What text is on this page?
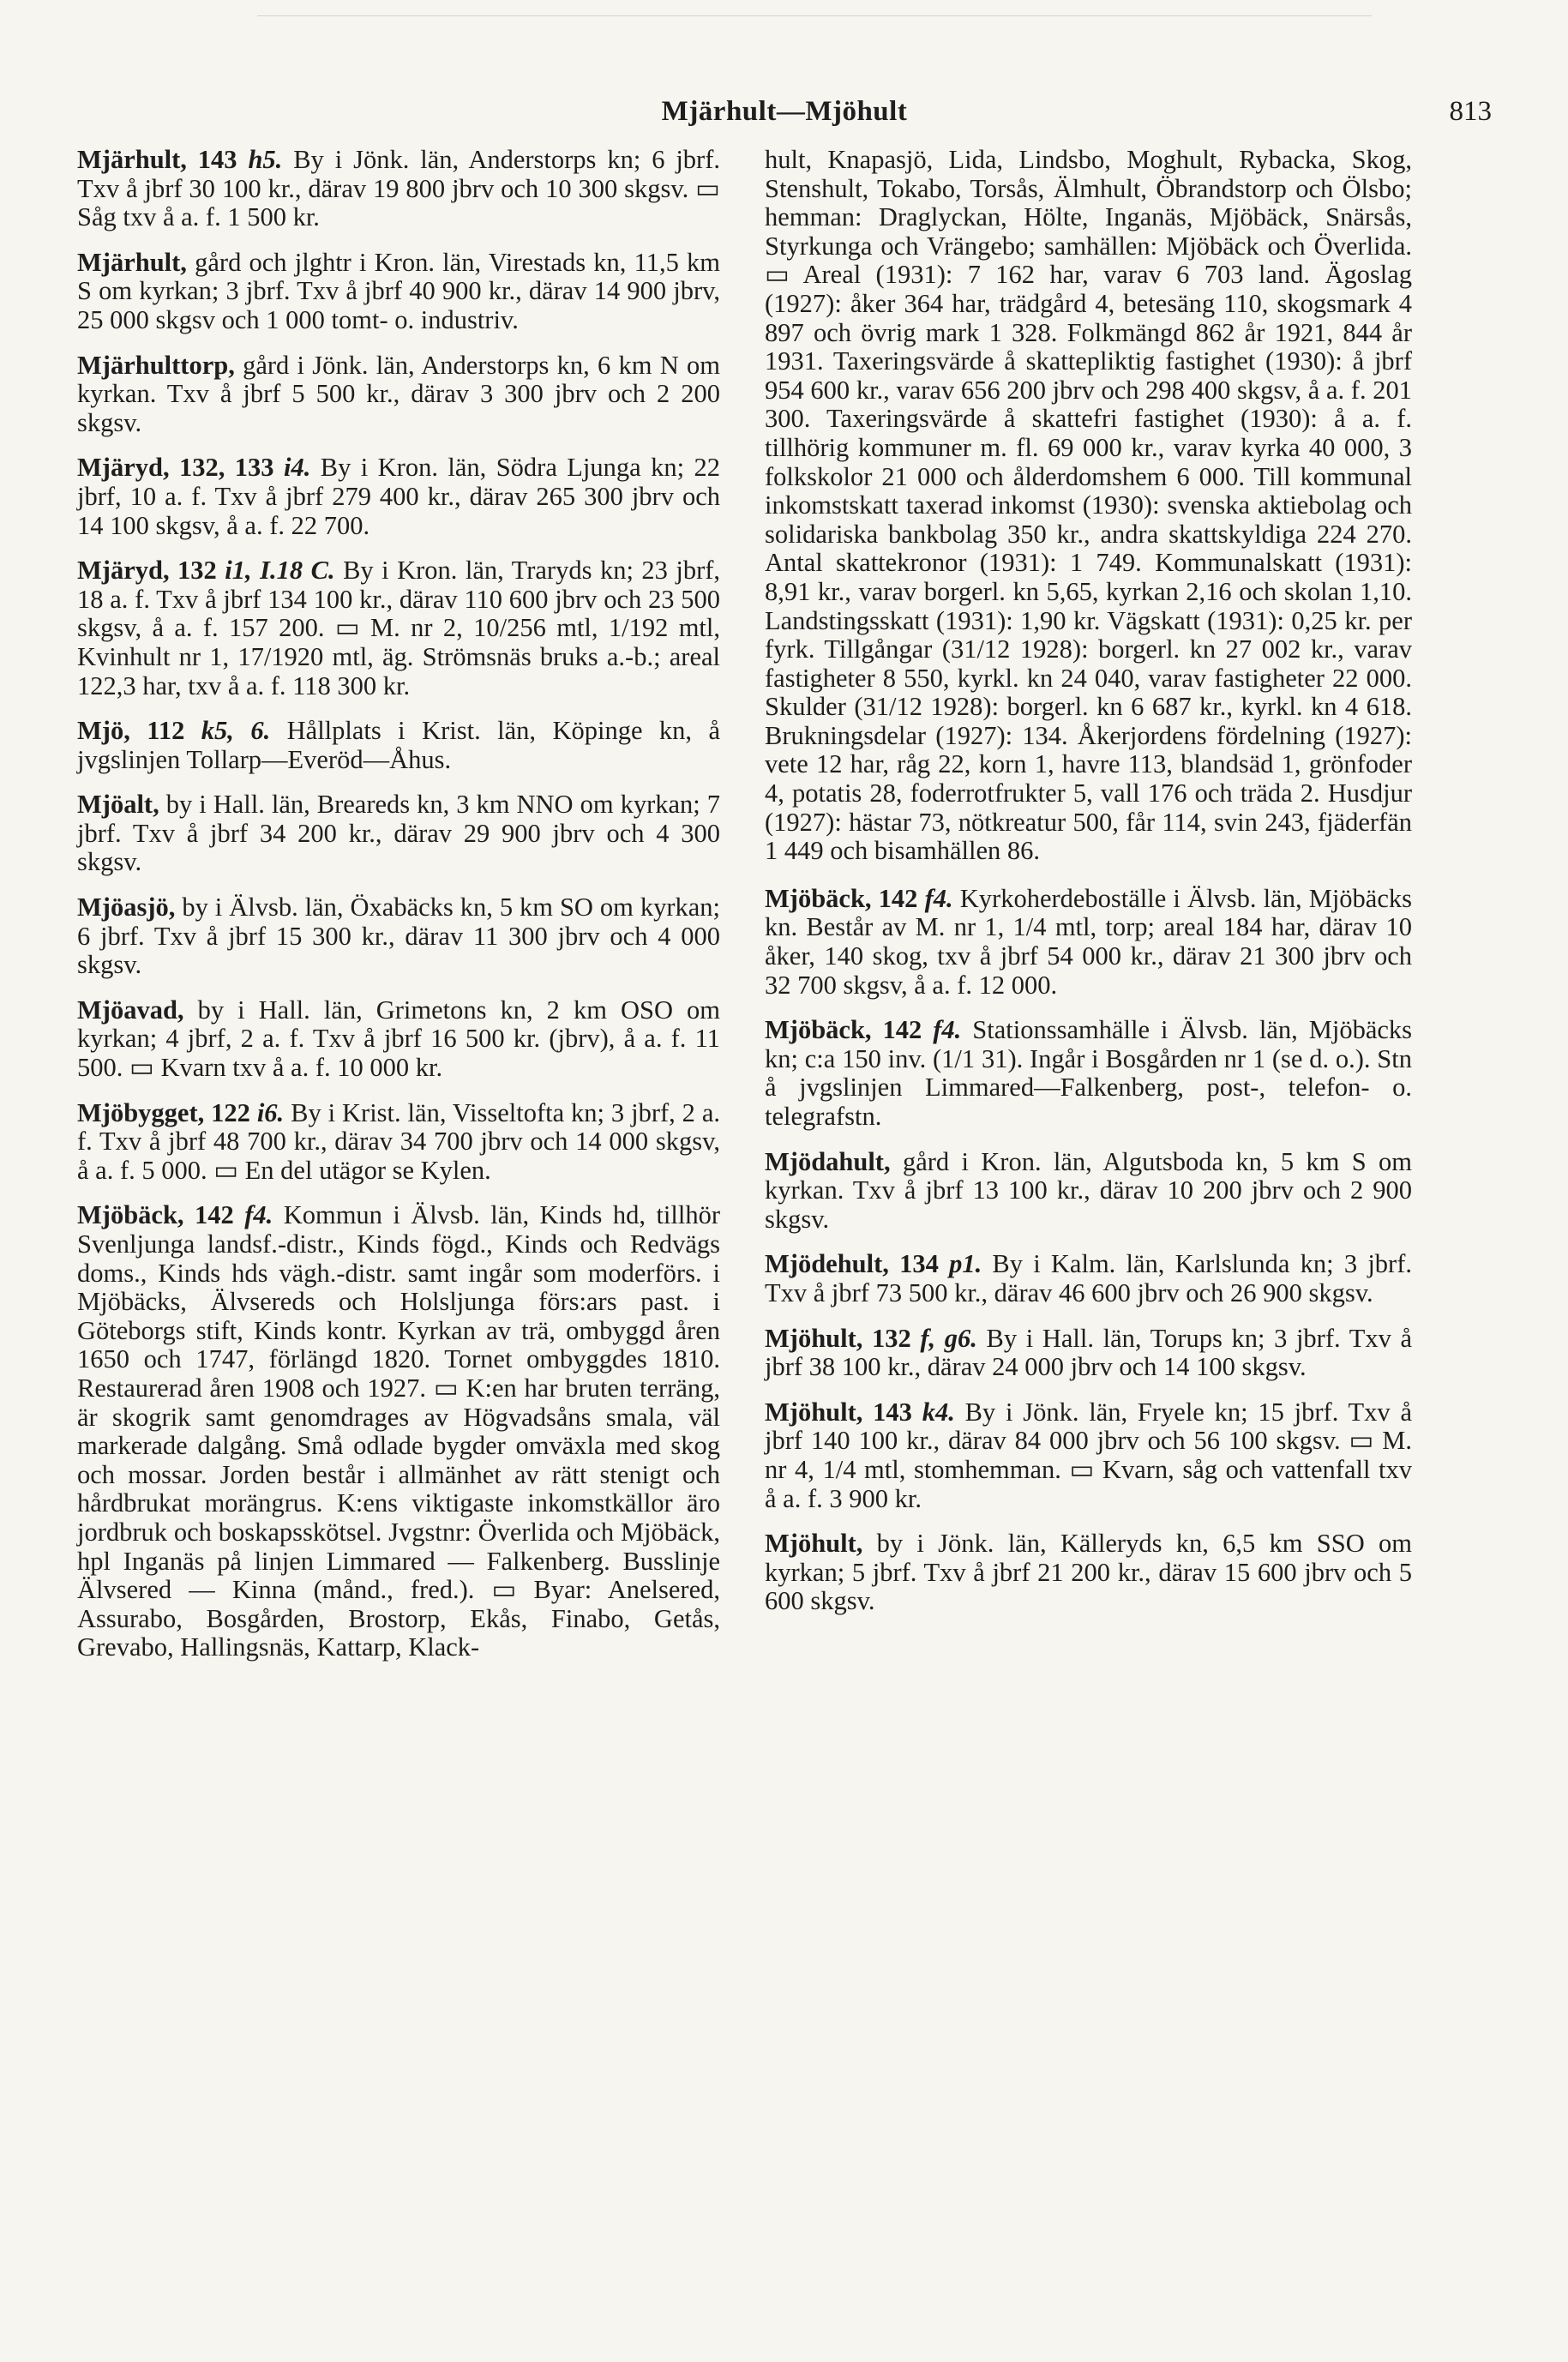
Mjärhult—Mjöhult	813

Mjärhult, 143 h5. By i Jönk. län, Anderstorps kn; 6 jbrf. Txv å jbrf 30 100 kr., därav 19 800 jbrv och 10 300 skgsv. ▭ Såg txv å a. f. 1 500 kr.

Mjärhult, gård och jlghtr i Kron. län, Virestads kn, 11,5 km S om kyrkan; 3 jbrf. Txv å jbrf 40 900 kr., därav 14 900 jbrv, 25 000 skgsv och 1 000 tomt- o. industriv.

Mjärhulttorp, gård i Jönk. län, Anderstorps kn, 6 km N om kyrkan. Txv å jbrf 5 500 kr., därav 3 300 jbrv och 2 200 skgsv.

Mjäryd, 132, 133 i4. By i Kron. län, Södra Ljunga kn; 22 jbrf, 10 a. f. Txv å jbrf 279 400 kr., därav 265 300 jbrv och 14 100 skgsv, å a. f. 22 700.

Mjäryd, 132 i1, I.18 C. By i Kron. län, Traryds kn; 23 jbrf, 18 a. f. Txv å jbrf 134 100 kr., därav 110 600 jbrv och 23 500 skgsv, å a. f. 157 200. ▭ M. nr 2, 10/256 mtl, 1/192 mtl, Kvinhult nr 1, 17/1920 mtl, äg. Strömsnäs bruks a.-b.; areal 122,3 har, txv å a. f. 118 300 kr.

Mjö, 112 k5, 6. Hållplats i Krist. län, Köpinge kn, å jvgslinjen Tollarp—Everöd—Åhus.

Mjöalt, by i Hall. län, Breareds kn, 3 km NNO om kyrkan; 7 jbrf. Txv å jbrf 34 200 kr., därav 29 900 jbrv och 4 300 skgsv.

Mjöasjö, by i Älvsb. län, Öxabäcks kn, 5 km SO om kyrkan; 6 jbrf. Txv å jbrf 15 300 kr., därav 11 300 jbrv och 4 000 skgsv.

Mjöavad, by i Hall. län, Grimetons kn, 2 km OSO om kyrkan; 4 jbrf, 2 a. f. Txv å jbrf 16 500 kr. (jbrv), å a. f. 11 500. ▭ Kvarn txv å a. f. 10 000 kr.

Mjöbygget, 122 i6. By i Krist. län, Visseltofta kn; 3 jbrf, 2 a. f. Txv å jbrf 48 700 kr., därav 34 700 jbrv och 14 000 skgsv, å a. f. 5 000. ▭ En del utägor se Kylen.

Mjöbäck, 142 f4. Kommun i Älvsb. län, Kinds hd, tillhör Svenljunga landsf.-distr., Kinds fögd., Kinds och Redvägs doms., Kinds hds vägh.-distr. samt ingår som moderförs. i Mjöbäcks, Älvsereds och Holsljunga förs:ars past. i Göteborgs stift, Kinds kontr. Kyrkan av trä, ombyggd åren 1650 och 1747, förlängd 1820. Tornet ombyggdes 1810. Restaurerad åren 1908 och 1927. ▭ K:en har bruten terräng, är skogrik samt genomdrages av Högvadsåns smala, väl markerade dalgång. Små odlade bygder omväxla med skog och mossar. Jorden består i allmänhet av rätt stenigt och hårdbrukat morängrus. K:ens viktigaste inkomstkällor äro jordbruk och boskapsskötsel. Jvgstnr: Överlida och Mjöbäck, hpl Inganäs på linjen Limmared — Falkenberg. Busslinje Älvsered — Kinna (månd., fred.). ▭ Byar: Anelsered, Assurabo, Bosgården, Brostorp, Ekås, Finabo, Getås, Grevabo, Hallingsnäs, Kattarp, Klack-

hult, Knapasjö, Lida, Lindsbo, Moghult, Rybacka, Skog, Stenshult, Tokabo, Torsås, Älmhult, Öbrandstorp och Ölsbo; hemman: Draglyckan, Hölte, Inganäs, Mjöbäck, Snärsås, Styrkunga och Vrängebo; samhällen: Mjöbäck och Överlida. ▭ Areal (1931): 7 162 har, varav 6 703 land. Ägoslag (1927): åker 364 har, trädgård 4, betesäng 110, skogsmark 4 897 och övrig mark 1 328. Folkmängd 862 år 1921, 844 år 1931. Taxeringsvärde å skattepliktig fastighet (1930): å jbrf 954 600 kr., varav 656 200 jbrv och 298 400 skgsv, å a. f. 201 300. Taxeringsvärde å skattefri fastighet (1930): å a. f. tillhörig kommuner m. fl. 69 000 kr., varav kyrka 40 000, 3 folkskolor 21 000 och ålderdomshem 6 000. Till kommunal inkomstskatt taxerad inkomst (1930): svenska aktiebolag och solidariska bankbolag 350 kr., andra skattskyldiga 224 270. Antal skattekronor (1931): 1 749. Kommunalskatt (1931): 8,91 kr., varav borgerl. kn 5,65, kyrkan 2,16 och skolan 1,10. Landstingsskatt (1931): 1,90 kr. Vägskatt (1931): 0,25 kr. per fyrk. Tillgångar (31/12 1928): borgerl. kn 27 002 kr., varav fastigheter 8 550, kyrkl. kn 24 040, varav fastigheter 22 000. Skulder (31/12 1928): borgerl. kn 6 687 kr., kyrkl. kn 4 618. Brukningsdelar (1927): 134. Åkerjordens fördelning (1927): vete 12 har, råg 22, korn 1, havre 113, blandsäd 1, grönfoder 4, potatis 28, foderrotfrukter 5, vall 176 och träda 2. Husdjur (1927): hästar 73, nötkreatur 500, får 114, svin 243, fjäderfän 1 449 och bisamhällen 86.

Mjöbäck, 142 f4. Kyrkoherdeboställe i Älvsb. län, Mjöbäcks kn. Består av M. nr 1, 1/4 mtl, torp; areal 184 har, därav 10 åker, 140 skog, txv å jbrf 54 000 kr., därav 21 300 jbrv och 32 700 skgsv, å a. f. 12 000.

Mjöbäck, 142 f4. Stationssamhälle i Älvsb. län, Mjöbäcks kn; c:a 150 inv. (1/1 31). Ingår i Bosgården nr 1 (se d. o.). Stn å jvgslinjen Limmared—Falkenberg, post-, telefon- o. telegrafstn.

Mjödahult, gård i Kron. län, Algutsboda kn, 5 km S om kyrkan. Txv å jbrf 13 100 kr., därav 10 200 jbrv och 2 900 skgsv.

Mjödehult, 134 p1. By i Kalm. län, Karlslunda kn; 3 jbrf. Txv å jbrf 73 500 kr., därav 46 600 jbrv och 26 900 skgsv.

Mjöhult, 132 f, g6. By i Hall. län, Torups kn; 3 jbrf. Txv å jbrf 38 100 kr., därav 24 000 jbrv och 14 100 skgsv.

Mjöhult, 143 k4. By i Jönk. län, Fryele kn; 15 jbrf. Txv å jbrf 140 100 kr., därav 84 000 jbrv och 56 100 skgsv. ▭ M. nr 4, 1/4 mtl, stomhemman. ▭ Kvarn, såg och vattenfall txv å a. f. 3 900 kr.

Mjöhult, by i Jönk. län, Källeryds kn, 6,5 km SSO om kyrkan; 5 jbrf. Txv å jbrf 21 200 kr., därav 15 600 jbrv och 5 600 skgsv.
